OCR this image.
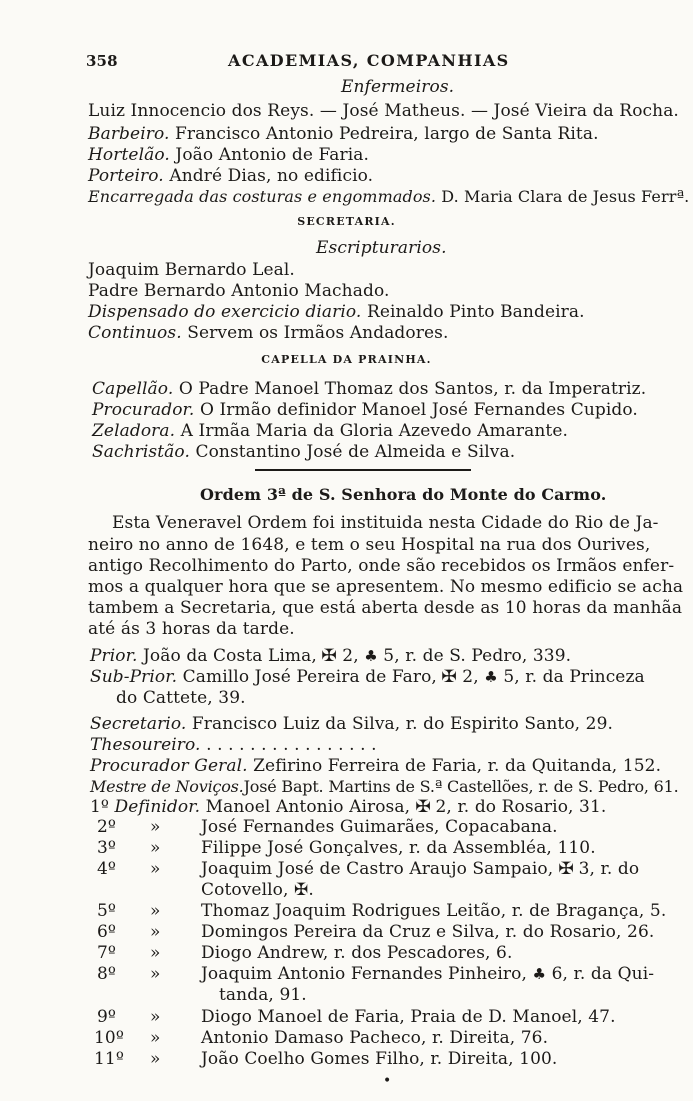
358	ACADEMIAS, COMPANHIAS
Enfermeiros.
Luiz Innocencio dos Reys. — José Matheus. — José Vieira da Rocha.
Barbeiro. Francisco Antonio Pedreira, largo de Santa Rita.
Hortelão. João Antonio de Faria.
Porteiro. André Dias, no edificio.
Encarregada das costuras e engommados. D. Maria Clara de Jesus Ferrª.
SECRETARIA.
Escripturarios.
Joaquim Bernardo Leal.
Padre Bernardo Antonio Machado.
Dispensado do exercicio diario. Reinaldo Pinto Bandeira.
Continuos. Servem os Irmãos Andadores.
CAPELLA DA PRAINHA.
Capellão. O Padre Manoel Thomaz dos Santos, r. da Imperatriz.
Procurador. O Irmão definidor Manoel José Fernandes Cupido.
Zeladora. A Irmãa Maria da Gloria Azevedo Amarante.
Sachristão. Constantino José de Almeida e Silva.
Ordem 3ª de S. Senhora do Monte do Carmo.
Esta Veneravel Ordem foi instituida nesta Cidade do Rio de Ja-
neiro no anno de 1648, e tem o seu Hospital na rua dos Ourives,
antigo Recolhimento do Parto, onde são recebidos os Irmãos enfer-
mos a qualquer hora que se apresentem. No mesmo edificio se acha
tambem a Secretaria, que está aberta desde as 10 horas da manhãa
até ás 3 horas da tarde.
Prior. João da Costa Lima, ✠ 2, ♣ 5, r. de S. Pedro, 339.
Sub-Prior. Camillo José Pereira de Faro, ✠ 2, ♣ 5, r. da Princeza
do Cattete, 39.
Secretario. Francisco Luiz da Silva, r. do Espirito Santo, 29.
Thesoureiro. . . . . . . . . . . . . . . . .
Procurador Geral. Zefirino Ferreira de Faria, r. da Quitanda, 152.
Mestre de Noviços.José Bapt. Martins de S.ª Castellões, r. de S. Pedro, 61.
1º Definidor. Manoel Antonio Airosa, ✠ 2, r. do Rosario, 31.
2º » José Fernandes Guimarães, Copacabana.
3º » Filippe José Gonçalves, r. da Assembléa, 110.
4º » Joaquim José de Castro Araujo Sampaio, ✠ 3, r. do
Cotovello, ✠.
5º » Thomaz Joaquim Rodrigues Leitão, r. de Bragança, 5.
6º » Domingos Pereira da Cruz e Silva, r. do Rosario, 26.
7º » Diogo Andrew, r. dos Pescadores, 6.
8º » Joaquim Antonio Fernandes Pinheiro, ♣ 6, r. da Qui-
tanda, 91.
9º » Diogo Manoel de Faria, Praia de D. Manoel, 47.
10º » Antonio Damaso Pacheco, r. Direita, 76.
11º » João Coelho Gomes Filho, r. Direita, 100.
•
